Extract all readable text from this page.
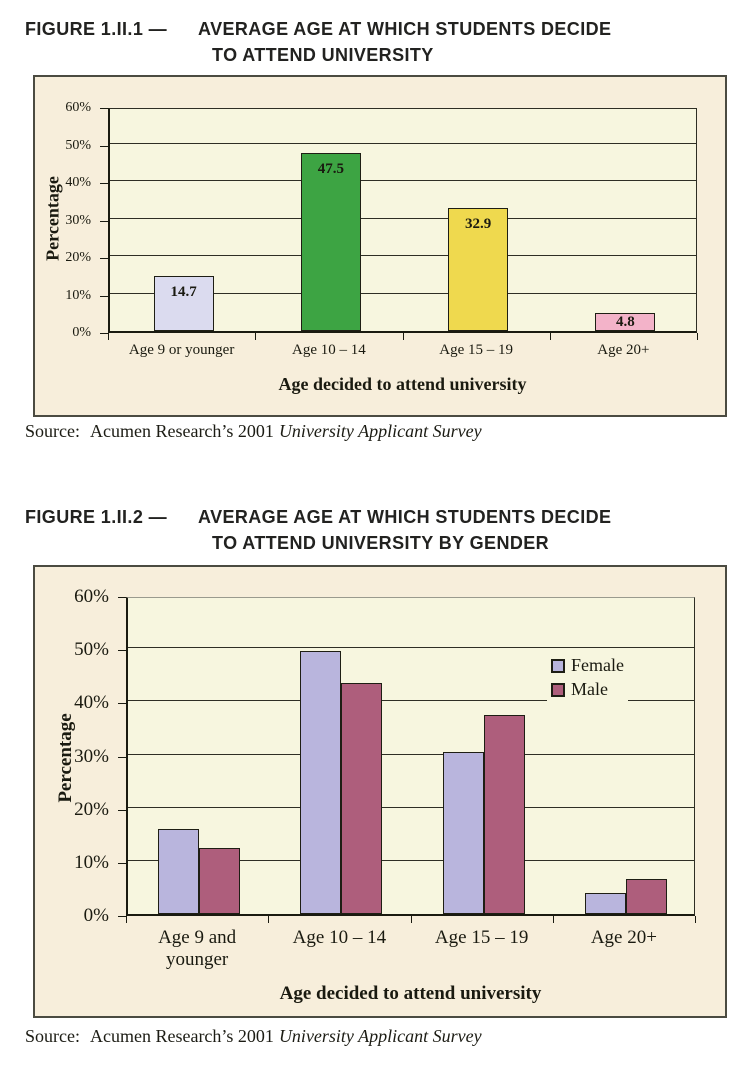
FIGURE 1.II.1 —	AVERAGE AGE AT WHICH STUDENTS DECIDE
TO ATTEND UNIVERSITY
Percentage
Age decided to attend university
14.7
47.5
32.9
4.8
0%
10%
20%
30%
40%
50%
60%
Age 9 or younger	Age 10 – 14	Age 15 – 19	Age 20+

Source: Acumen Research’s 2001 University Applicant Survey

FIGURE 1.II.2 —	AVERAGE AGE AT WHICH STUDENTS DECIDE
TO ATTEND UNIVERSITY BY GENDER
Percentage
Age decided to attend university
0%
10%
20%
30%
40%
50%
60%
Age 9 and younger
Age 10 – 14	Age 15 – 19	Age 20+
Female
Male

Source: Acumen Research’s 2001 University Applicant Survey
